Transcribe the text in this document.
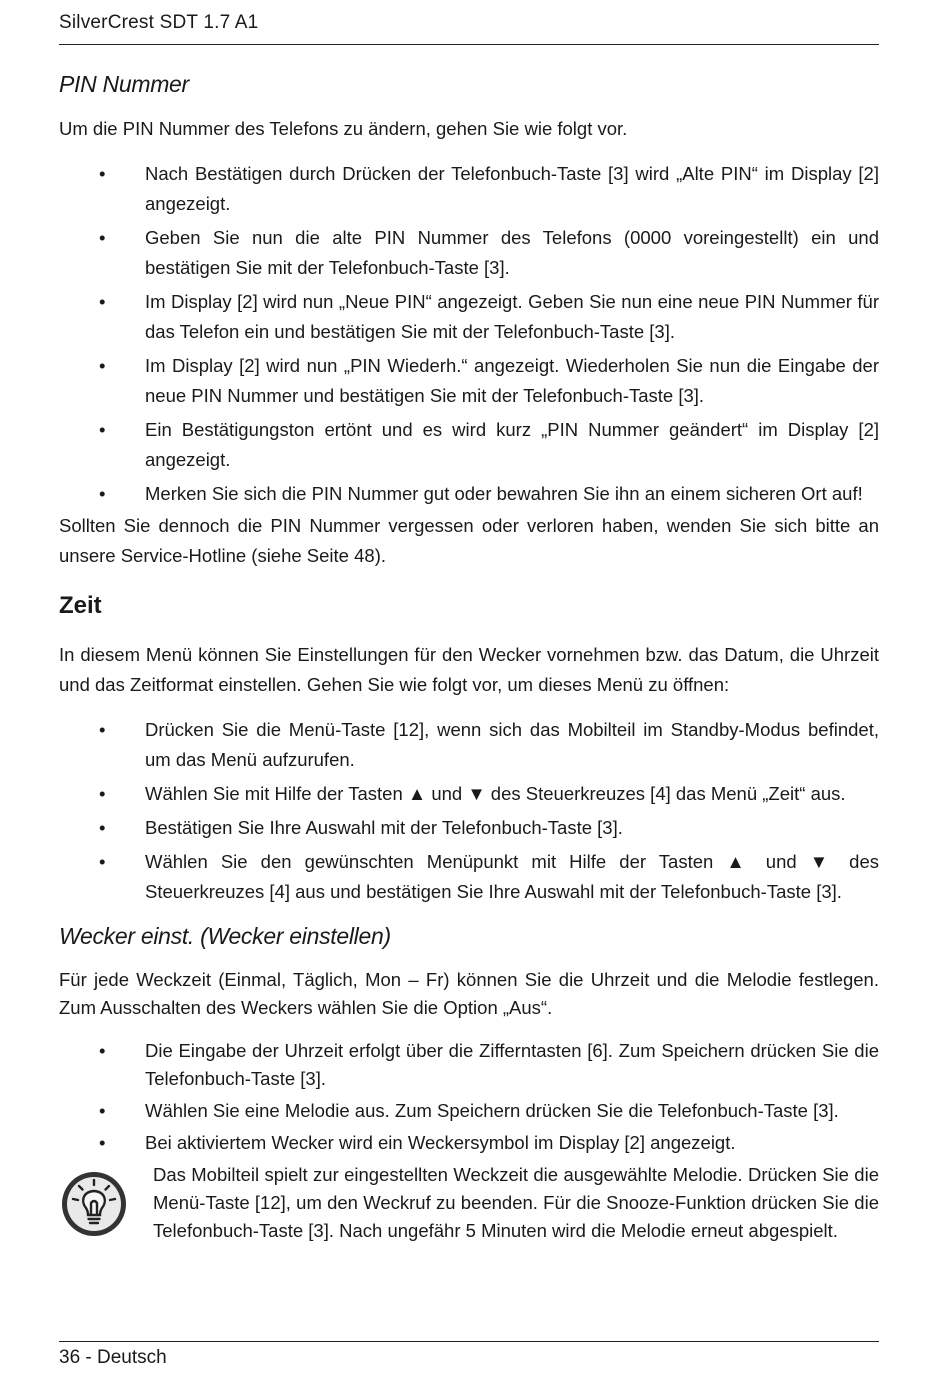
SilverCrest SDT 1.7 A1
PIN Nummer

Um die PIN Nummer des Telefons zu ändern, gehen Sie wie folgt vor.

• Nach Bestätigen durch Drücken der Telefonbuch-Taste [3] wird „Alte PIN“ im Display [2] angezeigt.
• Geben Sie nun die alte PIN Nummer des Telefons (0000 voreingestellt) ein und bestätigen Sie mit der Telefonbuch-Taste [3].
• Im Display [2] wird nun „Neue PIN“ angezeigt. Geben Sie nun eine neue PIN Nummer für das Telefon ein und bestätigen Sie mit der Telefonbuch-Taste [3].
• Im Display [2] wird nun „PIN Wiederh.“ angezeigt. Wiederholen Sie nun die Eingabe der neue PIN Nummer und bestätigen Sie mit der Telefonbuch-Taste [3].
• Ein Bestätigungston ertönt und es wird kurz „PIN Nummer geändert“ im Display [2] angezeigt.
• Merken Sie sich die PIN Nummer gut oder bewahren Sie ihn an einem sicheren Ort auf!

Sollten Sie dennoch die PIN Nummer vergessen oder verloren haben, wenden Sie sich bitte an unsere Service-Hotline (siehe Seite 48).

Zeit

In diesem Menü können Sie Einstellungen für den Wecker vornehmen bzw. das Datum, die Uhrzeit und das Zeitformat einstellen. Gehen Sie wie folgt vor, um dieses Menü zu öffnen:

• Drücken Sie die Menü-Taste [12], wenn sich das Mobilteil im Standby-Modus befindet, um das Menü aufzurufen.
• Wählen Sie mit Hilfe der Tasten ▲ und ▼ des Steuerkreuzes [4] das Menü „Zeit“ aus.
• Bestätigen Sie Ihre Auswahl mit der Telefonbuch-Taste [3].
• Wählen Sie den gewünschten Menüpunkt mit Hilfe der Tasten ▲ und ▼ des Steuerkreuzes [4] aus und bestätigen Sie Ihre Auswahl mit der Telefonbuch-Taste [3].
Wecker einst. (Wecker einstellen)

Für jede Weckzeit (Einmal, Täglich, Mon – Fr) können Sie die Uhrzeit und die Melodie festlegen. Zum Ausschalten des Weckers wählen Sie die Option „Aus“.

• Die Eingabe der Uhrzeit erfolgt über die Zifferntasten [6]. Zum Speichern drücken Sie die Telefonbuch-Taste [3].
• Wählen Sie eine Melodie aus. Zum Speichern drücken Sie die Telefonbuch-Taste [3].
• Bei aktiviertem Wecker wird ein Weckersymbol im Display [2] angezeigt.
Das Mobilteil spielt zur eingestellten Weckzeit die ausgewählte Melodie. Drücken Sie die Menü-Taste [12], um den Weckruf zu beenden. Für die Snooze-Funktion drücken Sie die Telefonbuch-Taste [3]. Nach ungefähr 5 Minuten wird die Melodie erneut abgespielt.
36 - Deutsch
